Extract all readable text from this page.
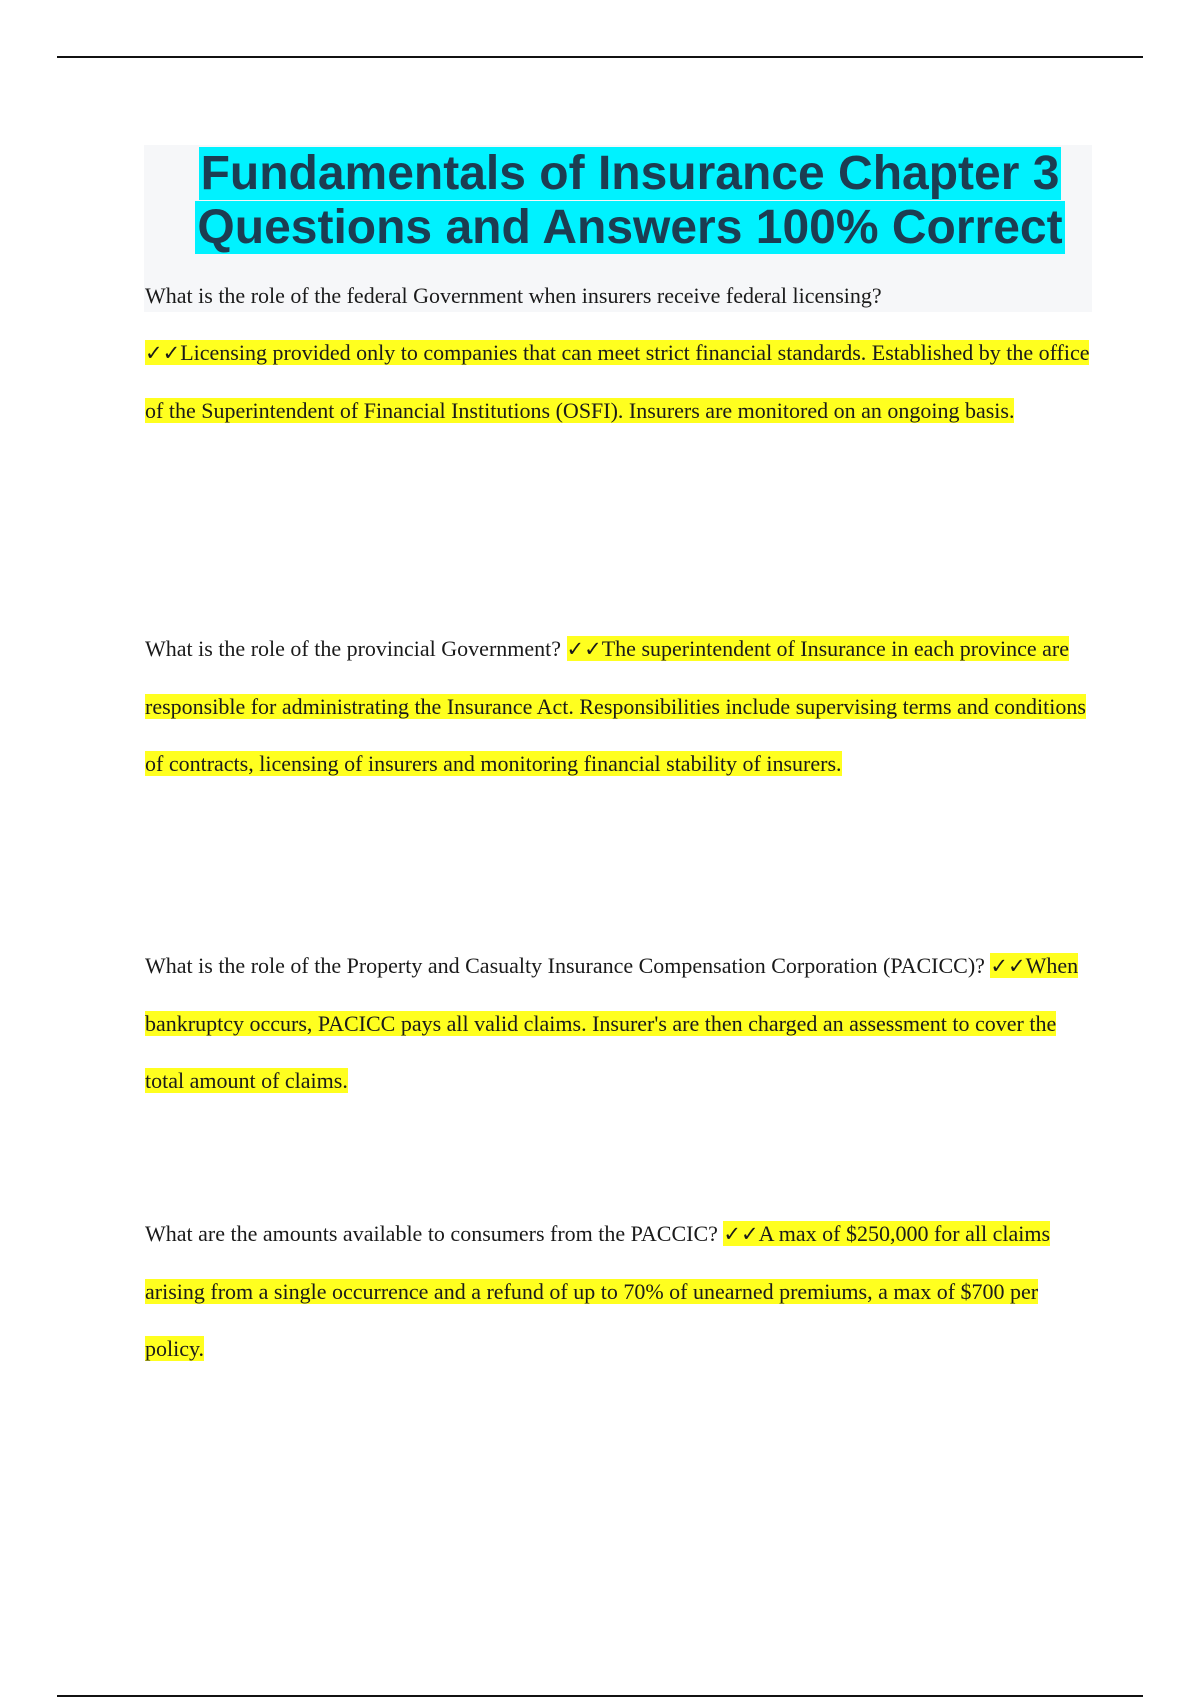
Fundamentals of Insurance Chapter 3 Questions and Answers 100% Correct

What is the role of the federal Government when insurers receive federal licensing?
✓✓Licensing provided only to companies that can meet strict financial standards. Established by the office of the Superintendent of Financial Institutions (OSFI). Insurers are monitored on an ongoing basis.

What is the role of the provincial Government? ✓✓The superintendent of Insurance in each province are responsible for administrating the Insurance Act. Responsibilities include supervising terms and conditions of contracts, licensing of insurers and monitoring financial stability of insurers.

What is the role of the Property and Casualty Insurance Compensation Corporation (PACICC)? ✓✓When bankruptcy occurs, PACICC pays all valid claims. Insurer's are then charged an assessment to cover the total amount of claims.

What are the amounts available to consumers from the PACCIC? ✓✓A max of $250,000 for all claims arising from a single occurrence and a refund of up to 70% of unearned premiums, a max of $700 per policy.
